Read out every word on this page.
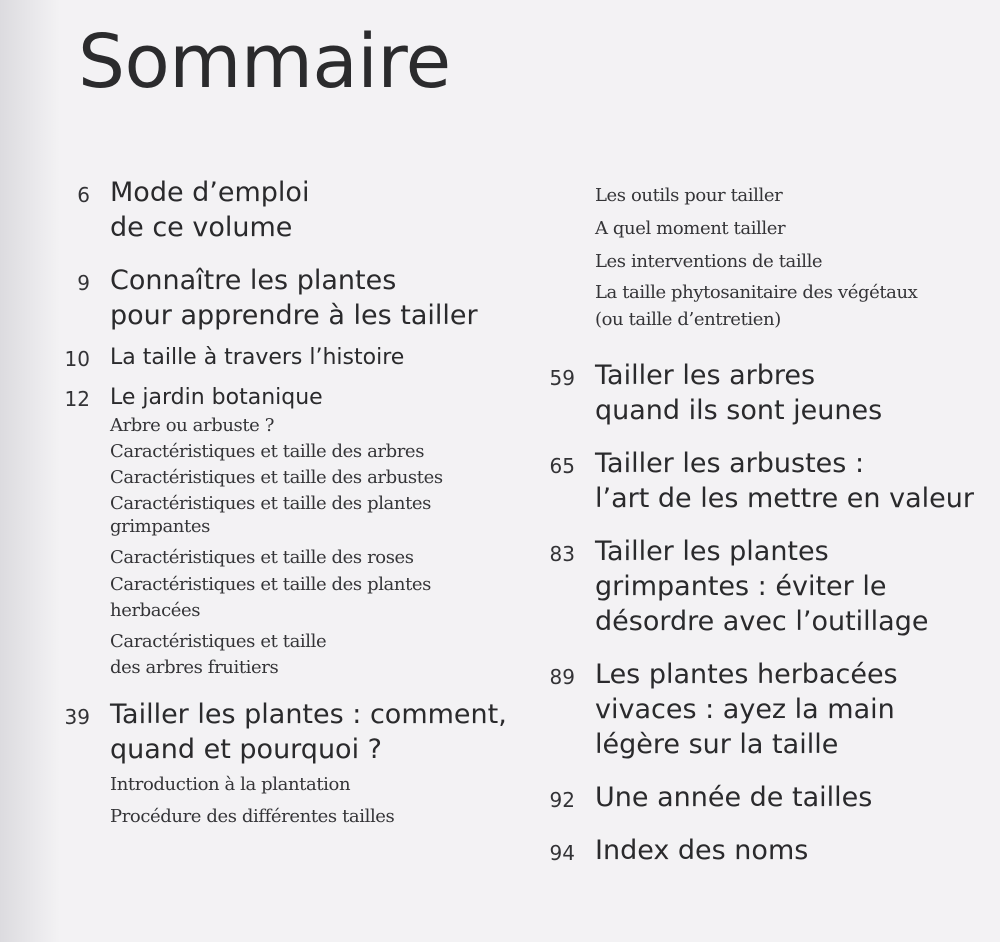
Sommaire
6 Mode d’emploi
de ce volume
9 Connaître les plantes
pour apprendre à les tailler
10 La taille à travers l’histoire
12 Le jardin botanique
Arbre ou arbuste ?
Caractéristiques et taille des arbres
Caractéristiques et taille des arbustes
Caractéristiques et taille des plantes
grimpantes
Caractéristiques et taille des roses
Caractéristiques et taille des plantes
herbacées
Caractéristiques et taille
des arbres fruitiers
39 Tailler les plantes : comment,
quand et pourquoi ?
Introduction à la plantation
Procédure des différentes tailles
Les outils pour tailler
A quel moment tailler
Les interventions de taille
La taille phytosanitaire des végétaux
(ou taille d’entretien)
59 Tailler les arbres
quand ils sont jeunes
65 Tailler les arbustes :
l’art de les mettre en valeur
83 Tailler les plantes
grimpantes : éviter le
désordre avec l’outillage
89 Les plantes herbacées
vivaces : ayez la main
légère sur la taille
92 Une année de tailles
94 Index des noms
